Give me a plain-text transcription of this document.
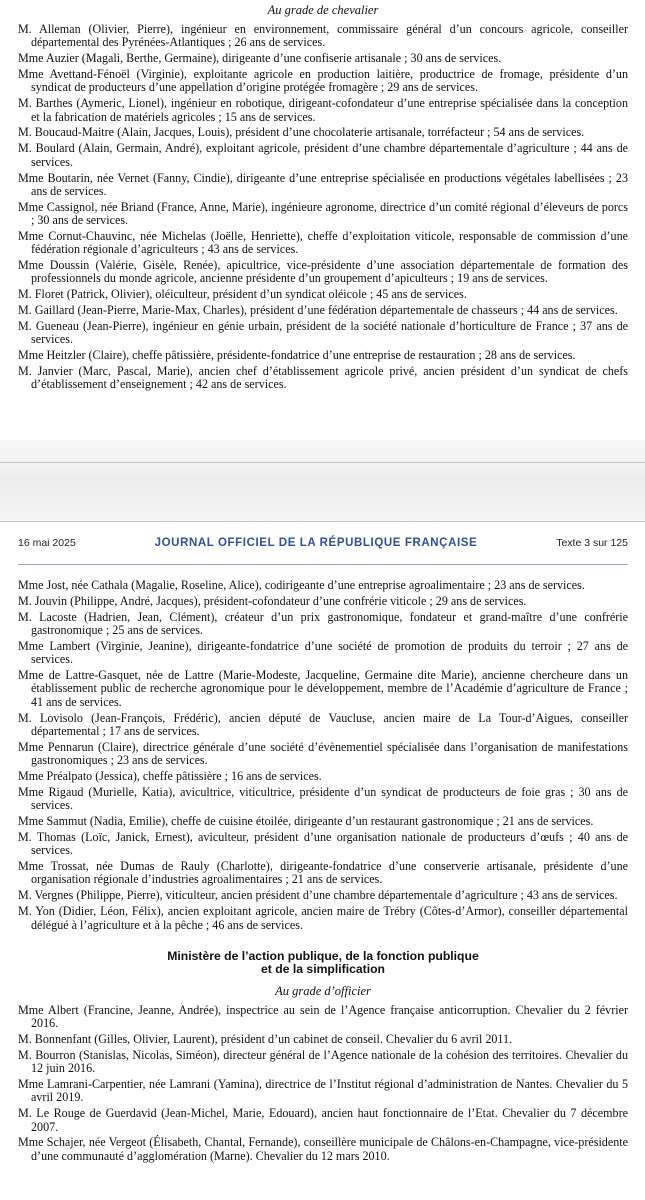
Au grade de chevalier

M. Alleman (Olivier, Pierre), ingénieur en environnement, commissaire général d’un concours agricole, conseiller départemental des Pyrénées-Atlantiques ; 26 ans de services.

Mme Auzier (Magali, Berthe, Germaine), dirigeante d’une confiserie artisanale ; 30 ans de services.

Mme Avettand-Fénoël (Virginie), exploitante agricole en production laitière, productrice de fromage, présidente d’un syndicat de producteurs d’une appellation d’origine protégée fromagère ; 29 ans de services.

M. Barthes (Aymeric, Lionel), ingénieur en robotique, dirigeant-cofondateur d’une entreprise spécialisée dans la conception et la fabrication de matériels agricoles ; 15 ans de services.

M. Boucaud-Maitre (Alain, Jacques, Louis), président d’une chocolaterie artisanale, torréfacteur ; 54 ans de services.

M. Boulard (Alain, Germain, André), exploitant agricole, président d’une chambre départementale d’agriculture ; 44 ans de services.

Mme Boutarin, née Vernet (Fanny, Cindie), dirigeante d’une entreprise spécialisée en productions végétales labellisées ; 23 ans de services.

Mme Cassignol, née Briand (France, Anne, Marie), ingénieure agronome, directrice d’un comité régional d’éleveurs de porcs ; 30 ans de services.

Mme Cornut-Chauvinc, née Michelas (Joëlle, Henriette), cheffe d’exploitation viticole, responsable de commission d’une fédération régionale d’agriculteurs ; 43 ans de services.

Mme Doussin (Valérie, Gisèle, Renée), apicultrice, vice-présidente d’une association départementale de formation des professionnels du monde agricole, ancienne présidente d’un groupement d’apiculteurs ; 19 ans de services.

M. Floret (Patrick, Olivier), oléiculteur, président d’un syndicat oléicole ; 45 ans de services.

M. Gaillard (Jean-Pierre, Marie-Max, Charles), président d’une fédération départementale de chasseurs ; 44 ans de services.

M. Gueneau (Jean-Pierre), ingénieur en génie urbain, président de la société nationale d’horticulture de France ; 37 ans de services.

Mme Heitzler (Claire), cheffe pâtissière, présidente-fondatrice d’une entreprise de restauration ; 28 ans de services.

M. Janvier (Marc, Pascal, Marie), ancien chef d’établissement agricole privé, ancien président d’un syndicat de chefs d’établissement d’enseignement ; 42 ans de services.

16 mai 2025	JOURNAL OFFICIEL DE LA RÉPUBLIQUE FRANÇAISE	Texte 3 sur 125

Mme Jost, née Cathala (Magalie, Roseline, Alice), codirigeante d’une entreprise agroalimentaire ; 23 ans de services.

M. Jouvin (Philippe, André, Jacques), président-cofondateur d’une confrérie viticole ; 29 ans de services.

M. Lacoste (Hadrien, Jean, Clément), créateur d’un prix gastronomique, fondateur et grand-maître d’une confrérie gastronomique ; 25 ans de services.

Mme Lambert (Virginie, Jeanine), dirigeante-fondatrice d’une société de promotion de produits du terroir ; 27 ans de services.

Mme de Lattre-Gasquet, née de Lattre (Marie-Modeste, Jacqueline, Germaine dite Marie), ancienne chercheure dans un établissement public de recherche agronomique pour le développement, membre de l’Académie d’agriculture de France ; 41 ans de services.

M. Lovisolo (Jean-François, Frédéric), ancien député de Vaucluse, ancien maire de La Tour-d’Aigues, conseiller départemental ; 17 ans de services.

Mme Pennarun (Claire), directrice générale d’une société d’évènementiel spécialisée dans l’organisation de manifestations gastronomiques ; 23 ans de services.

Mme Préalpato (Jessica), cheffe pâtissière ; 16 ans de services.

Mme Rigaud (Murielle, Katia), avicultrice, viticultrice, présidente d’un syndicat de producteurs de foie gras ; 30 ans de services.

Mme Sammut (Nadia, Emilie), cheffe de cuisine étoilée, dirigeante d’un restaurant gastronomique ; 21 ans de services.

M. Thomas (Loïc, Janick, Ernest), aviculteur, président d’une organisation nationale de producteurs d’œufs ; 40 ans de services.

Mme Trossat, née Dumas de Rauly (Charlotte), dirigeante-fondatrice d’une conserverie artisanale, présidente d’une organisation régionale d’industries agroalimentaires ; 21 ans de services.

M. Vergnes (Philippe, Pierre), viticulteur, ancien président d’une chambre départementale d’agriculture ; 43 ans de services.

M. Yon (Didier, Léon, Félix), ancien exploitant agricole, ancien maire de Trébry (Côtes-d’Armor), conseiller départemental délégué à l’agriculture et à la pêche ; 46 ans de services.

Ministère de l’action publique, de la fonction publique
et de la simplification
Au grade d’officier

Mme Albert (Francine, Jeanne, Andrée), inspectrice au sein de l’Agence française anticorruption. Chevalier du 2 février 2016.

M. Bonnenfant (Gilles, Olivier, Laurent), président d’un cabinet de conseil. Chevalier du 6 avril 2011.

M. Bourron (Stanislas, Nicolas, Siméon), directeur général de l’Agence nationale de la cohésion des territoires. Chevalier du 12 juin 2016.

Mme Lamrani-Carpentier, née Lamrani (Yamina), directrice de l’Institut régional d’administration de Nantes. Chevalier du 5 avril 2019.

M. Le Rouge de Guerdavid (Jean-Michel, Marie, Edouard), ancien haut fonctionnaire de l’Etat. Chevalier du 7 décembre 2007.

Mme Schajer, née Vergeot (Élisabeth, Chantal, Fernande), conseillère municipale de Châlons-en-Champagne, vice-présidente d’une communauté d’agglomération (Marne). Chevalier du 12 mars 2010.
